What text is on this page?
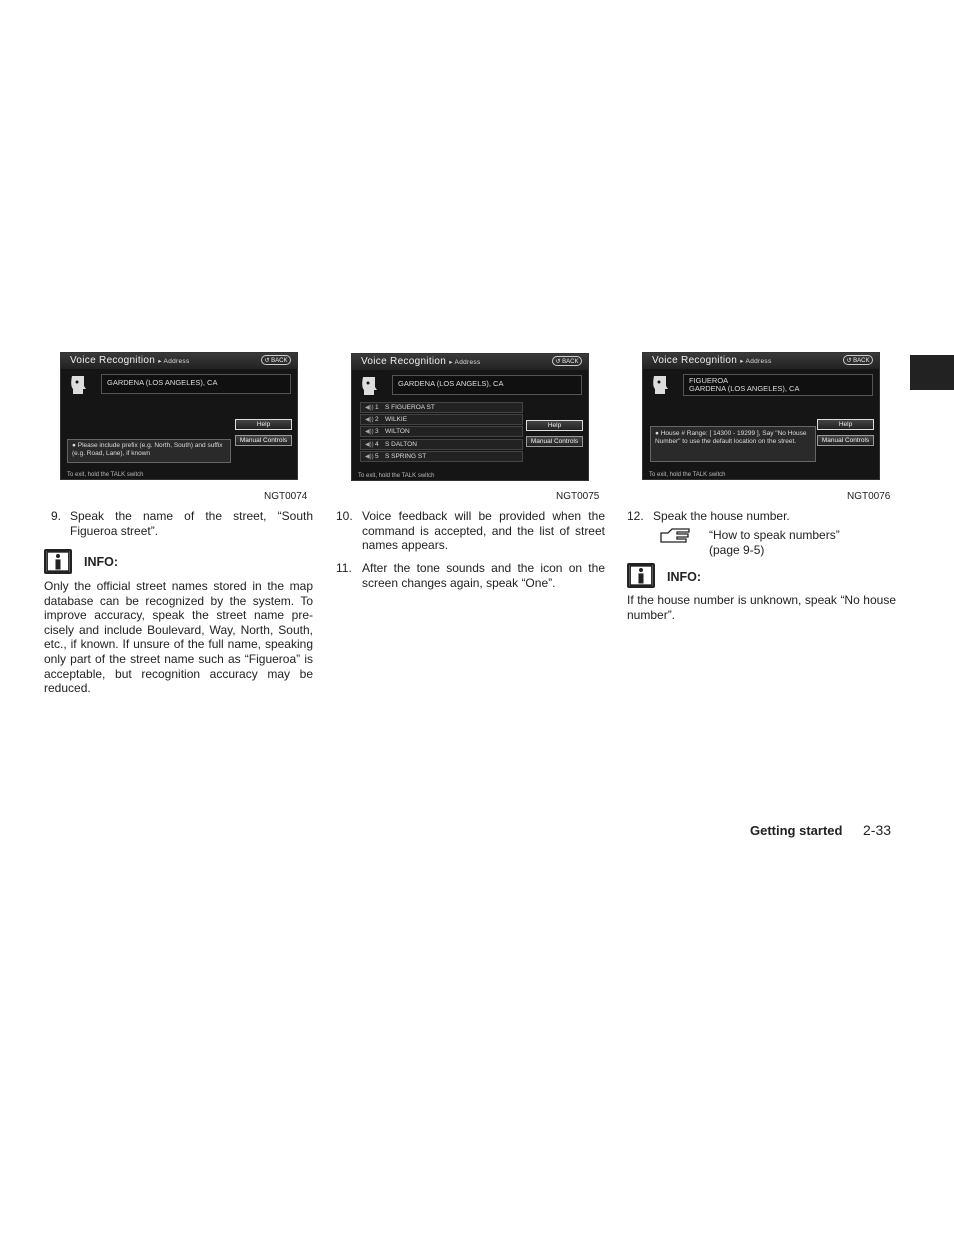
Voice Recognition ▸ Address	↺ BACK
GARDENA (LOS ANGELES), CA
Help
Manual Controls
● Please include prefix (e.g. North, South) and suffix (e.g. Road, Lane), if known
To exit, hold the TALK switch
NGT0074
Voice Recognition ▸ Address	↺ BACK
GARDENA (LOS ANGELS), CA
◀))1 S FIGUEROA ST
◀))2 WILKIE
◀))3 WILTON
◀))4 S DALTON
◀))5 S SPRING ST
Help
Manual Controls
To exit, hold the TALK switch
NGT0075
Voice Recognition ▸ Address	↺ BACK
FIGUEROA
GARDENA (LOS ANGELES), CA
Help
Manual Controls
● House # Range: [ 14300 - 19299 ], Say "No House Number" to use the default location on the street.
To exit, hold the TALK switch
NGT0076
9. Speak the name of the street, “South Figueroa street”.
INFO:
Only the official street names stored in the map database can be recognized by the system. To improve accuracy, speak the street name pre- cisely and include Boulevard, Way, North, South, etc., if known. If unsure of the full name, speaking only part of the street name such as “Figueroa” is acceptable, but recognition accuracy may be reduced.
10. Voice feedback will be provided when the command is accepted, and the list of street names appears.
11. After the tone sounds and the icon on the screen changes again, speak “One”.
12. Speak the house number.
“How to speak numbers”
(page 9-5)
INFO:
If the house number is unknown, speak “No house number”.
Getting started 2-33
